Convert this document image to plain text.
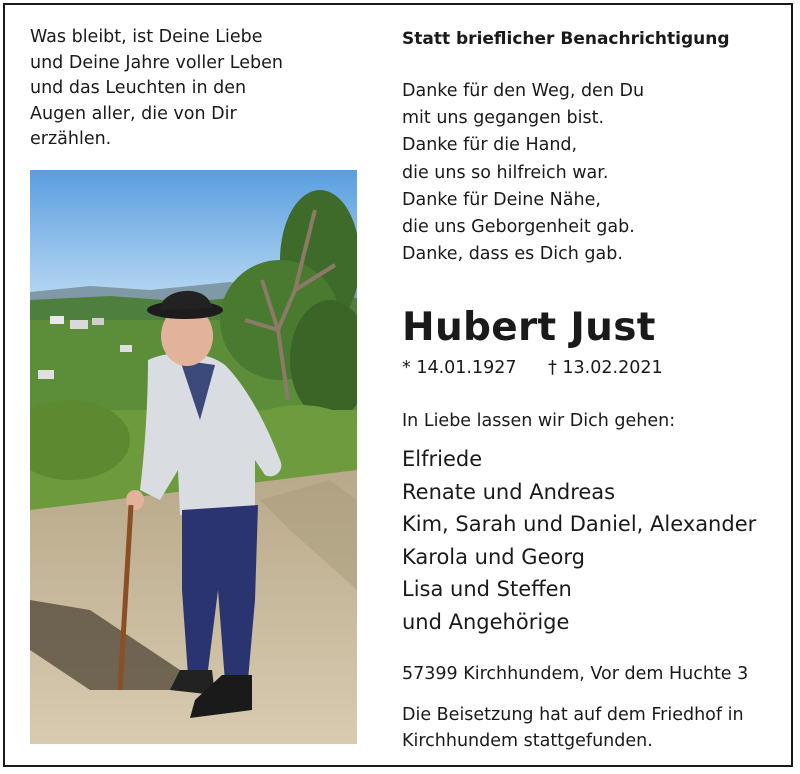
Was bleibt, ist Deine Liebe
und Deine Jahre voller Leben
und das Leuchten in den
Augen aller, die von Dir
erzählen.
Statt brieflicher Benachrichtigung
Danke für den Weg, den Du
mit uns gegangen bist.
Danke für die Hand,
die uns so hilfreich war.
Danke für Deine Nähe,
die uns Geborgenheit gab.
Danke, dass es Dich gab.
Hubert Just
* 14.01.1927 † 13.02.2021
In Liebe lassen wir Dich gehen:
Elfriede
Renate und Andreas
Kim, Sarah und Daniel, Alexander
Karola und Georg
Lisa und Steffen
und Angehörige
57399 Kirchhundem, Vor dem Huchte 3
Die Beisetzung hat auf dem Friedhof in
Kirchhundem stattgefunden.
